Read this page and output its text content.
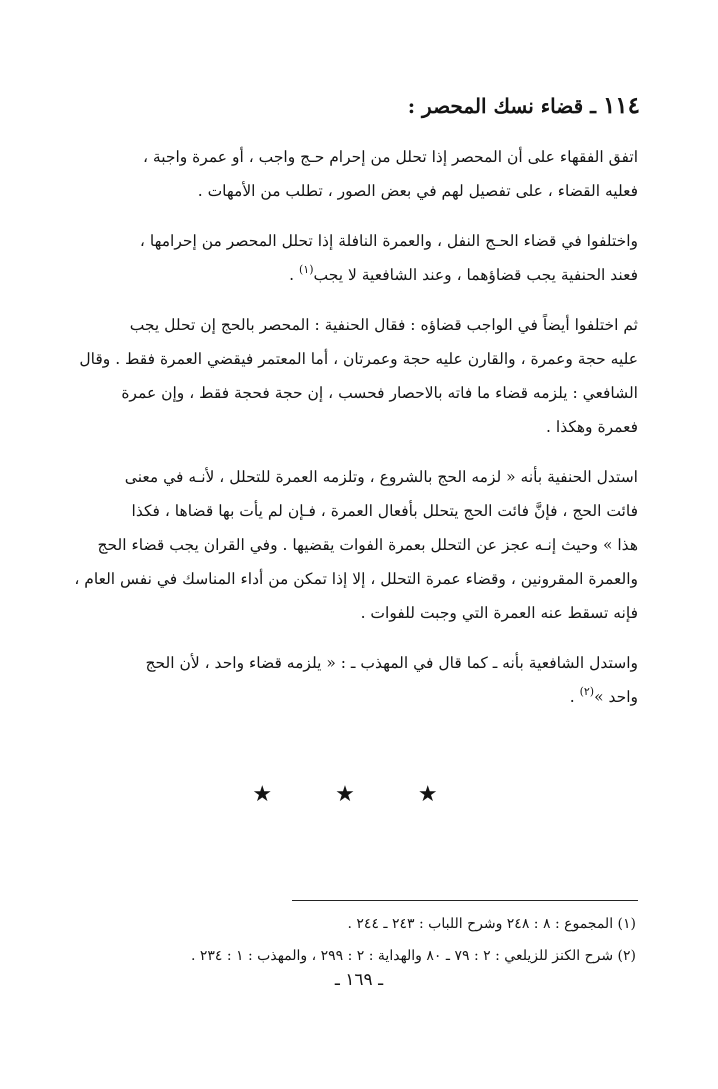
١١٤ ـ قضاء نسك المحصر :
اتفق الفقهاء على أن المحصر إذا تحلل من إحرام حـج واجب ، أو عمرة واجبة ،
فعليه القضاء ، على تفصيل لهم في بعض الصور ، تطلب من الأمهات .
واختلفوا في قضاء الحـج النفل ، والعمرة النافلة إذا تحلل المحصر من إحرامها ،
فعند الحنفية يجب قضاؤهما ، وعند الشافعية لا يجب$^{(١)}$ .
ثم اختلفوا أيضاً في الواجب قضاؤه : فقال الحنفية : المحصر بالحج إن تحلل يجب
عليه حجة وعمرة ، والقارن عليه حجة وعمرتان ، أما المعتمر فيقضي العمرة فقط . وقال
الشافعي : يلزمه قضاء ما فاته بالاحصار فحسب ، إن حجة فحجة فقط ، وإن عمرة
فعمرة وهكذا .
استدل الحنفية بأنه « لزمه الحج بالشروع ، وتلزمه العمرة للتحلل ، لأنـه في معنى
فائت الحج ، فإنَّ فائت الحج يتحلل بأفعال العمرة ، فـإن لم يأت بها قضاها ، فكذا
هذا » وحيث إنـه عجز عن التحلل بعمرة الفوات يقضيها . وفي القران يجب قضاء الحج
والعمرة المقرونين ، وقضاء عمرة التحلل ، إلا إذا تمكن من أداء المناسك في نفس العام ،
فإنه تسقط عنه العمرة التي وجبت للفوات .
واستدل الشافعية بأنه ـ كما قال في المهذب ـ : « يلزمه قضاء واحد ، لأن الحج
واحد »$^{(٢)}$ .
★ ★ ★
(١) المجموع : ٨ : ٢٤٨ وشرح اللباب : ٢٤٣ ـ ٢٤٤ .
(٢) شرح الكنز للزيلعي : ٢ : ٧٩ ـ ٨٠ والهداية : ٢ : ٢٩٩ ، والمهذب : ١ : ٢٣٤ .
ـ ١٦٩ ـ
